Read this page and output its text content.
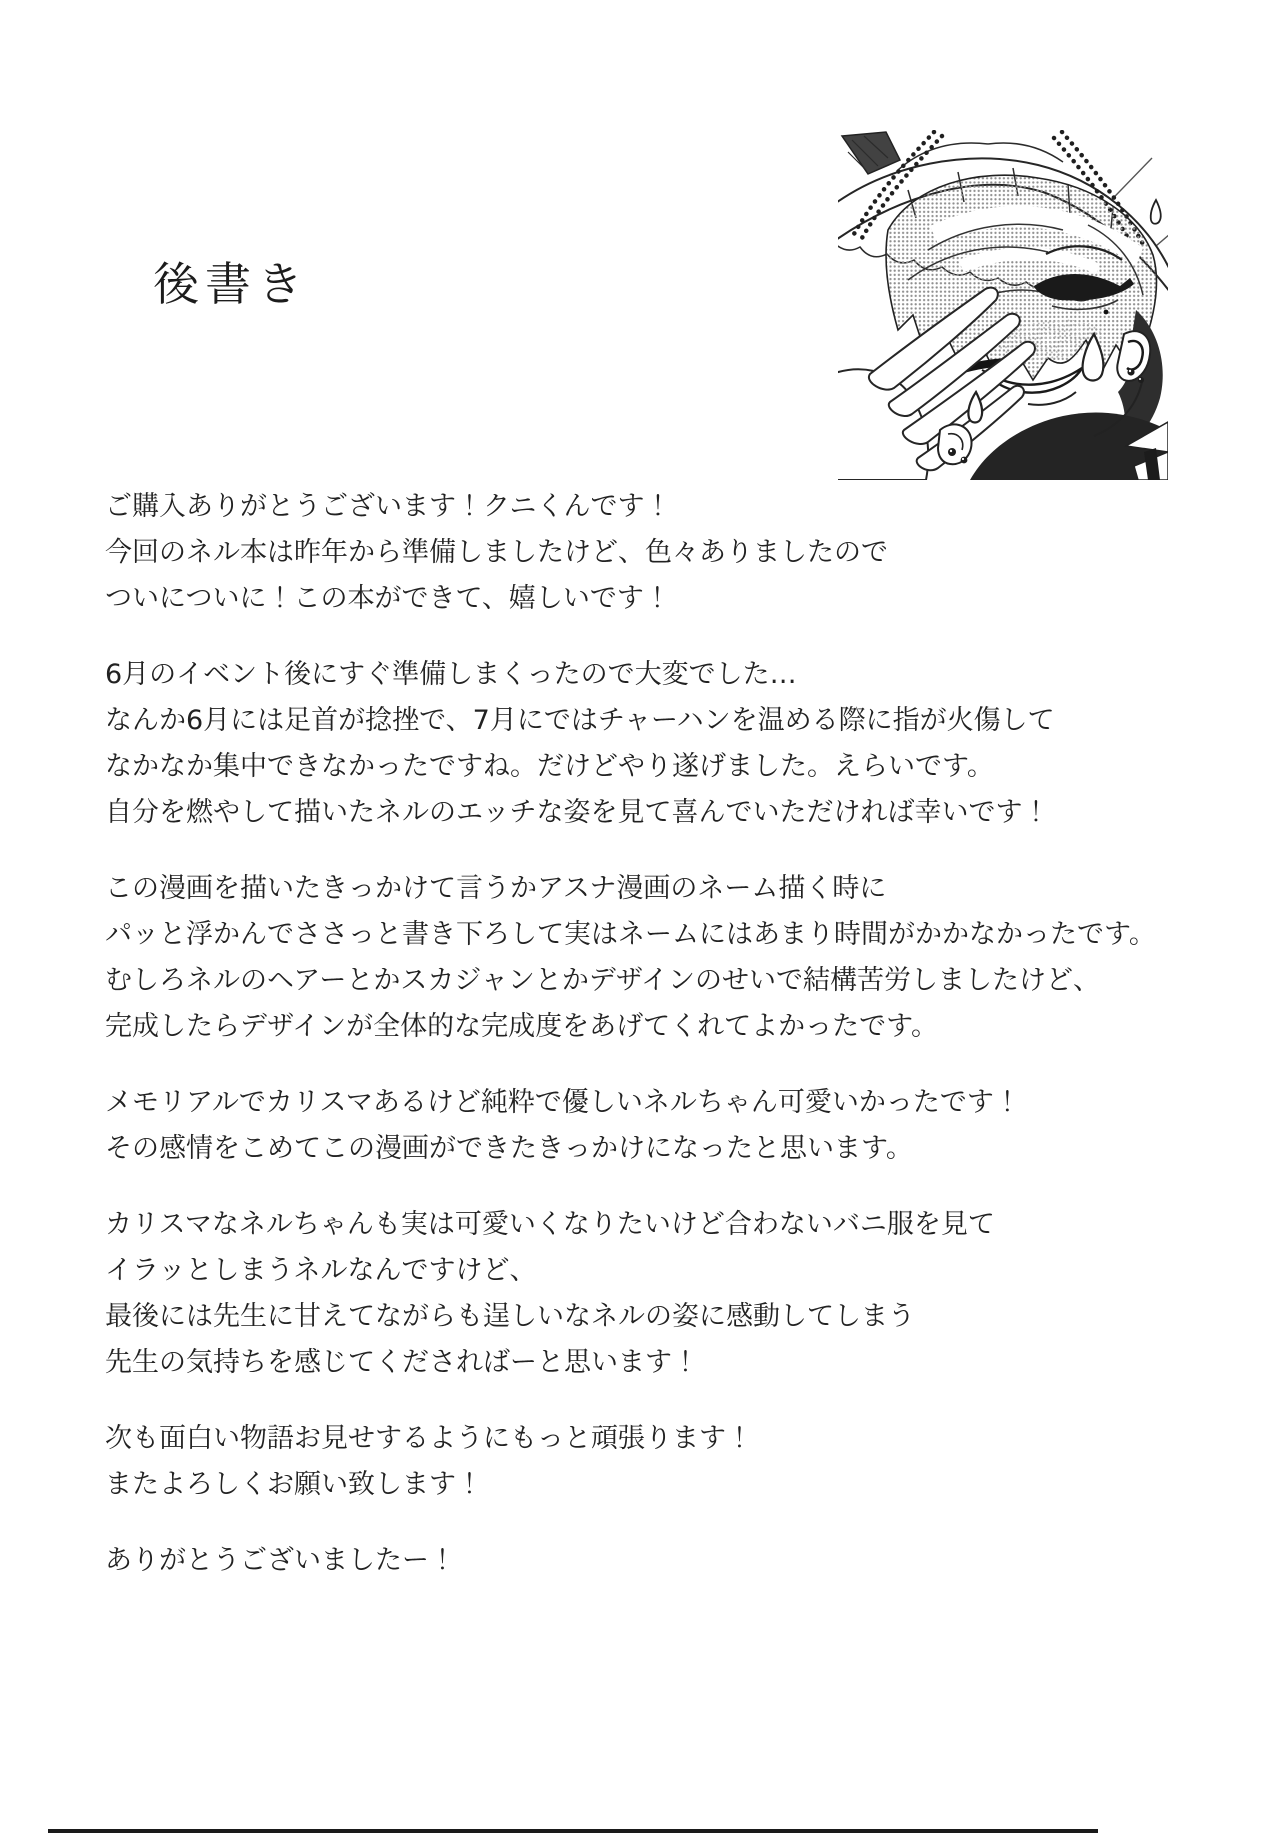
後書き

ご購入ありがとうございます！クニくんです！
今回のネル本は昨年から準備しましたけど、色々ありましたので
ついについに！この本ができて、嬉しいです！

6月のイベント後にすぐ準備しまくったので大変でした…
なんか6月には足首が捻挫で、7月にではチャーハンを温める際に指が火傷して
なかなか集中できなかったですね。だけどやり遂げました。えらいです。
自分を燃やして描いたネルのエッチな姿を見て喜んでいただければ幸いです！

この漫画を描いたきっかけて言うかアスナ漫画のネーム描く時に
パッと浮かんでささっと書き下ろして実はネームにはあまり時間がかかなかったです。
むしろネルのヘアーとかスカジャンとかデザインのせいで結構苦労しましたけど、
完成したらデザインが全体的な完成度をあげてくれてよかったです。

メモリアルでカリスマあるけど純粋で優しいネルちゃん可愛いかったです！
その感情をこめてこの漫画ができたきっかけになったと思います。

カリスマなネルちゃんも実は可愛いくなりたいけど合わないバニ服を見て
イラッとしまうネルなんですけど、
最後には先生に甘えてながらも逞しいなネルの姿に感動してしまう
先生の気持ちを感じてくださればーと思います！

次も面白い物語お見せするようにもっと頑張ります！
またよろしくお願い致します！

ありがとうございましたー！
